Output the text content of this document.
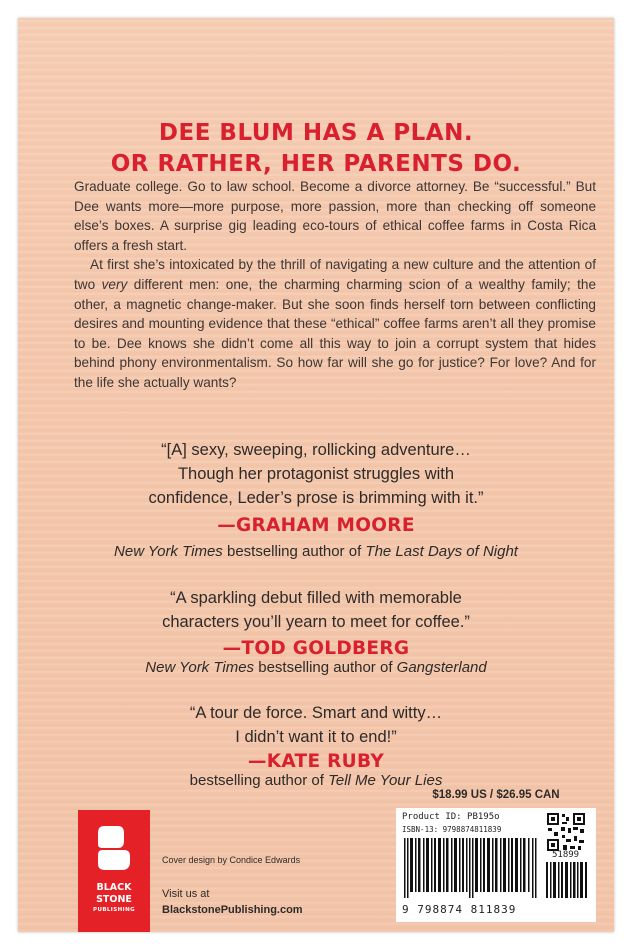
DEE BLUM HAS A PLAN.
OR RATHER, HER PARENTS DO.

Graduate college. Go to law school. Become a divorce attorney. Be “successful.” But Dee wants more—more purpose, more passion, more than checking off someone else’s boxes. A surprise gig leading eco-tours of ethical coffee farms in Costa Rica offers a fresh start.

At first she’s intoxicated by the thrill of navigating a new culture and the attention of two very different men: one, the charming charming scion of a wealthy family; the other, a magnetic change-maker. But she soon finds herself torn between conflicting desires and mounting evidence that these “ethical” coffee farms aren’t all they promise to be. Dee knows she didn’t come all this way to join a corrupt system that hides behind phony environmentalism. So how far will she go for justice? For love? And for the life she actually wants?

“[A] sexy, sweeping, rollicking adventure…
Though her protagonist struggles with
confidence, Leder’s prose is brimming with it.”
—GRAHAM MOORE
New York Times bestselling author of The Last Days of Night
“A sparkling debut filled with memorable
characters you’ll yearn to meet for coffee.”
—TOD GOLDBERG
New York Times bestselling author of Gangsterland
“A tour de force. Smart and witty…
I didn’t want it to end!”
—KATE RUBY
bestselling author of Tell Me Your Lies
$18.99 US / $26.95 CAN
Product ID: PB195o
ISBN-13: 9798874811839
51899
9 798874 811839
BLACK
STONE
PUBLISHING
Cover design by Condice Edwards
Visit us at
BlackstonePublishing.com
